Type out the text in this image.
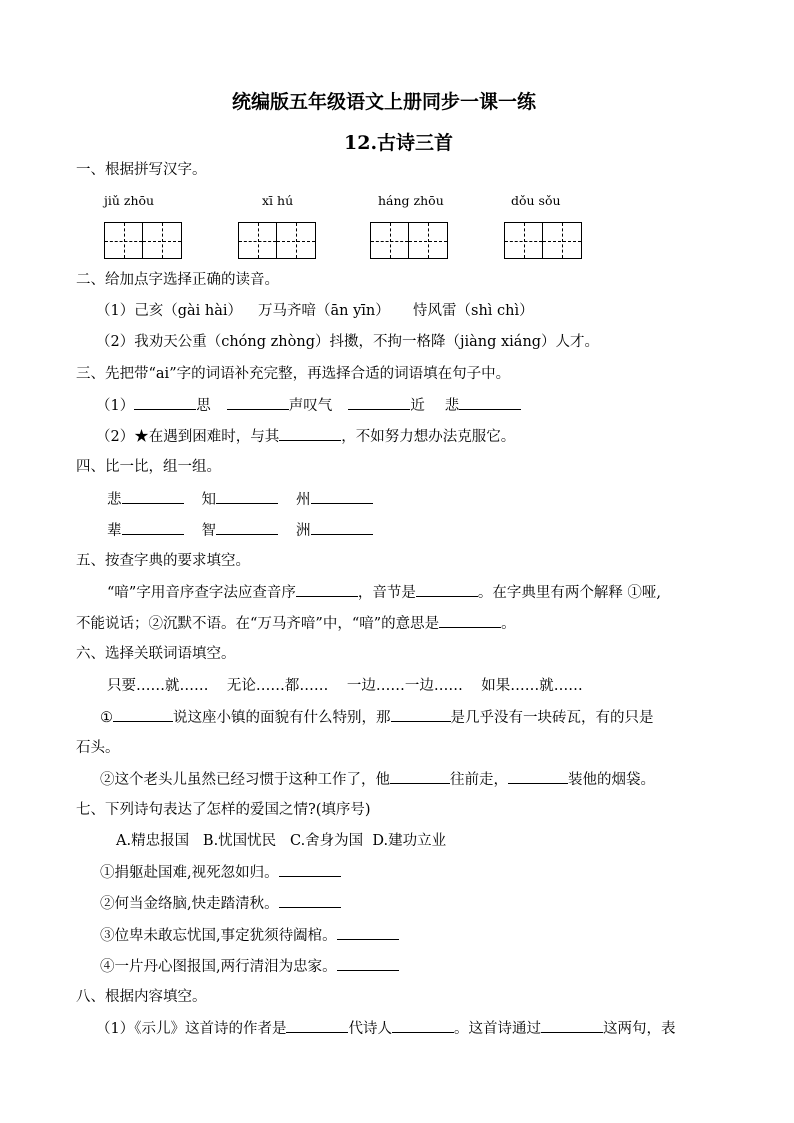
统编版五年级语文上册同步一课一练
12.古诗三首
一、根据拼写汉字。
jiǔ zhōu	xī hú	háng zhōu	dǒu sǒu
二、给加点字选择正确的读音。
（1）己亥（gài hài） 万马齐喑（ān yīn） 恃风雷（shì chì）
（2）我劝天公重（chóng zhòng）抖擞，不拘一格降（jiàng xiáng）人才。
三、先把带“ai”字的词语补充完整，再选择合适的词语填在句子中。
（1）	思	声叹气	近 悲
（2）★在遇到困难时，与其	，不如努力想办法克服它。
四、比一比，组一组。
悲	知	州
辈	智	洲
五、按查字典的要求填空。
“喑”字用音序查字法应查音序	，音节是	。在字典里有两个解释 ①哑,
不能说话；②沉默不语。在“万马齐喑”中，“喑”的意思是	。
六、选择关联词语填空。
只要……就……    无论……都……    一边……一边……    如果……就……
①	说这座小镇的面貌有什么特别，那	是几乎没有一块砖瓦，有的只是
石头。
②这个老头儿虽然已经习惯于这种工作了，他	往前走，	装他的烟袋。
七、下列诗句表达了怎样的爱国之情?(填序号)
A.精忠报国   B.忧国忧民   C.舍身为国  D.建功立业
①捐躯赴国难,视死忽如归。
②何当金络脑,快走踏清秋。
③位卑未敢忘忧国,事定犹须待阖棺。
④一片丹心图报国,两行清泪为忠家。
八、根据内容填空。
（1）《示儿》这首诗的作者是	代诗人	。这首诗通过	这两句，表
